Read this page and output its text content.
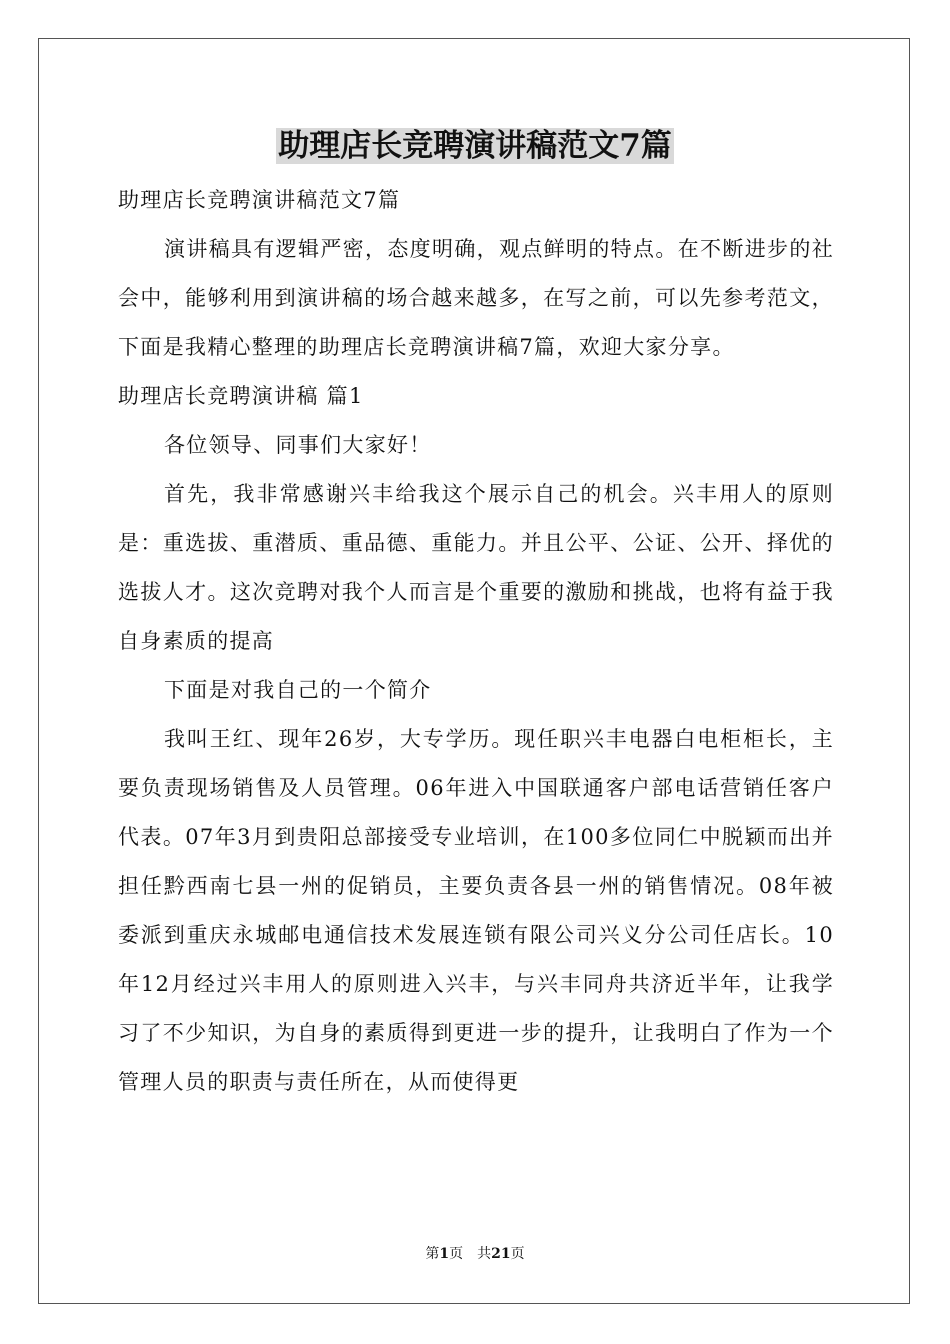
助理店长竞聘演讲稿范文7篇

助理店长竞聘演讲稿范文7篇

演讲稿具有逻辑严密，态度明确，观点鲜明的特点。在不断进步的社会中，能够利用到演讲稿的场合越来越多，在写之前，可以先参考范文，下面是我精心整理的助理店长竞聘演讲稿7篇，欢迎大家分享。

助理店长竞聘演讲稿 篇1

各位领导、同事们大家好！

首先，我非常感谢兴丰给我这个展示自己的机会。兴丰用人的原则是：重选拔、重潜质、重品德、重能力。并且公平、公证、公开、择优的选拔人才。这次竞聘对我个人而言是个重要的激励和挑战，也将有益于我自身素质的提高

下面是对我自己的一个简介

我叫王红、现年26岁，大专学历。现任职兴丰电器白电柜柜长，主要负责现场销售及人员管理。06年进入中国联通客户部电话营销任客户代表。07年3月到贵阳总部接受专业培训，在100多位同仁中脱颖而出并担任黔西南七县一州的促销员，主要负责各县一州的销售情况。08年被委派到重庆永城邮电通信技术发展连锁有限公司兴义分公司任店长。10年12月经过兴丰用人的原则进入兴丰，与兴丰同舟共济近半年，让我学习了不少知识，为自身的素质得到更进一步的提升，让我明白了作为一个管理人员的职责与责任所在，从而使得更

第1页　共21页
